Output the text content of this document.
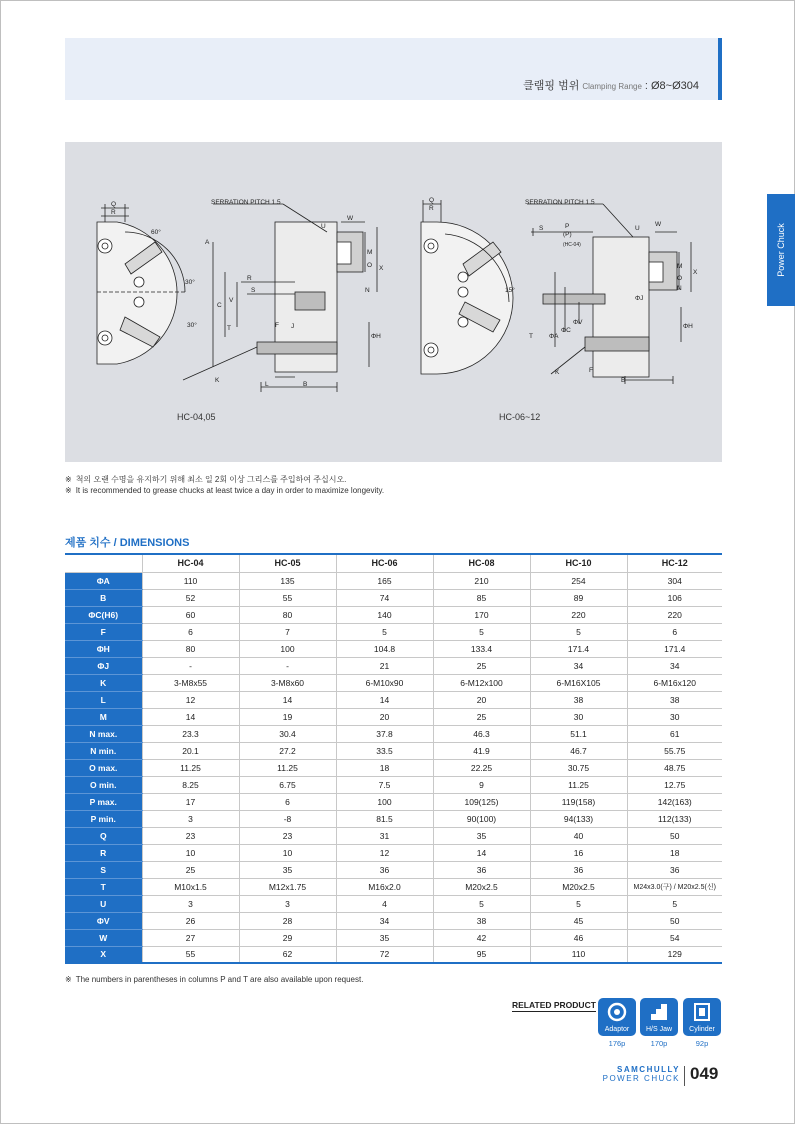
클램핑 범위 Clamping Range : Ø8~Ø304
Power Chuck
Q
R
A
C
V
R
S
T	F J
K
L	B
U
W
M
O X
N
ΦH
Q
R
S	P
(P)
U
W
M
O
X
N
T ΦA
ΦC
ΦV
ΦJ
ΦH
K	F
B
SERRATION PITCH 1.5	SERRATION PITCH 1.5
60°
30°
30°
15°
(HC-04)
HC-04,05	HC-06~12
※ 척의 오랜 수명을 유지하기 위해 최소 일 2회 이상 그리스를 주입하여 주십시오.
※ It is recommended to grease chucks at least twice a day in order to maximize longevity.
제품 치수 / DIMENSIONS
	HC-04	HC-05	HC-06	HC-08	HC-10	HC-12
ΦA	110	135	165	210	254	304
B	52	55	74	85	89	106
ΦC(H6)	60	80	140	170	220	220
F	6	7	5	5	5	6
ΦH	80	100	104.8	133.4	171.4	171.4
ΦJ	-	-	21	25	34	34
K	3-M8x55	3-M8x60	6-M10x90	6-M12x100	6-M16X105	6-M16x120
L	12	14	14	20	38	38
M	14	19	20	25	30	30
N max.	23.3	30.4	37.8	46.3	51.1	61
N min.	20.1	27.2	33.5	41.9	46.7	55.75
O max.	11.25	11.25	18	22.25	30.75	48.75
O min.	8.25	6.75	7.5	9	11.25	12.75
P max.	17	6	100	109(125)	119(158)	142(163)
P min.	3	-8	81.5	90(100)	94(133)	112(133)
Q	23	23	31	35	40	50
R	10	10	12	14	16	18
S	25	35	36	36	36	36
T	M10x1.5	M12x1.75	M16x2.0	M20x2.5	M20x2.5	M24x3.0(구) / M20x2.5(신)
U	3	3	4	5	5	5
ΦV	26	28	34	38	45	50
W	27	29	35	42	46	54
X	55	62	72	95	110	129
※ The numbers in parentheses in columns P and T are also available upon request.
RELATED PRODUCT
Adaptor	H/S Jaw	Cylinder
176p	170p	92p
SAMCHULLY
POWER CHUCK 049
